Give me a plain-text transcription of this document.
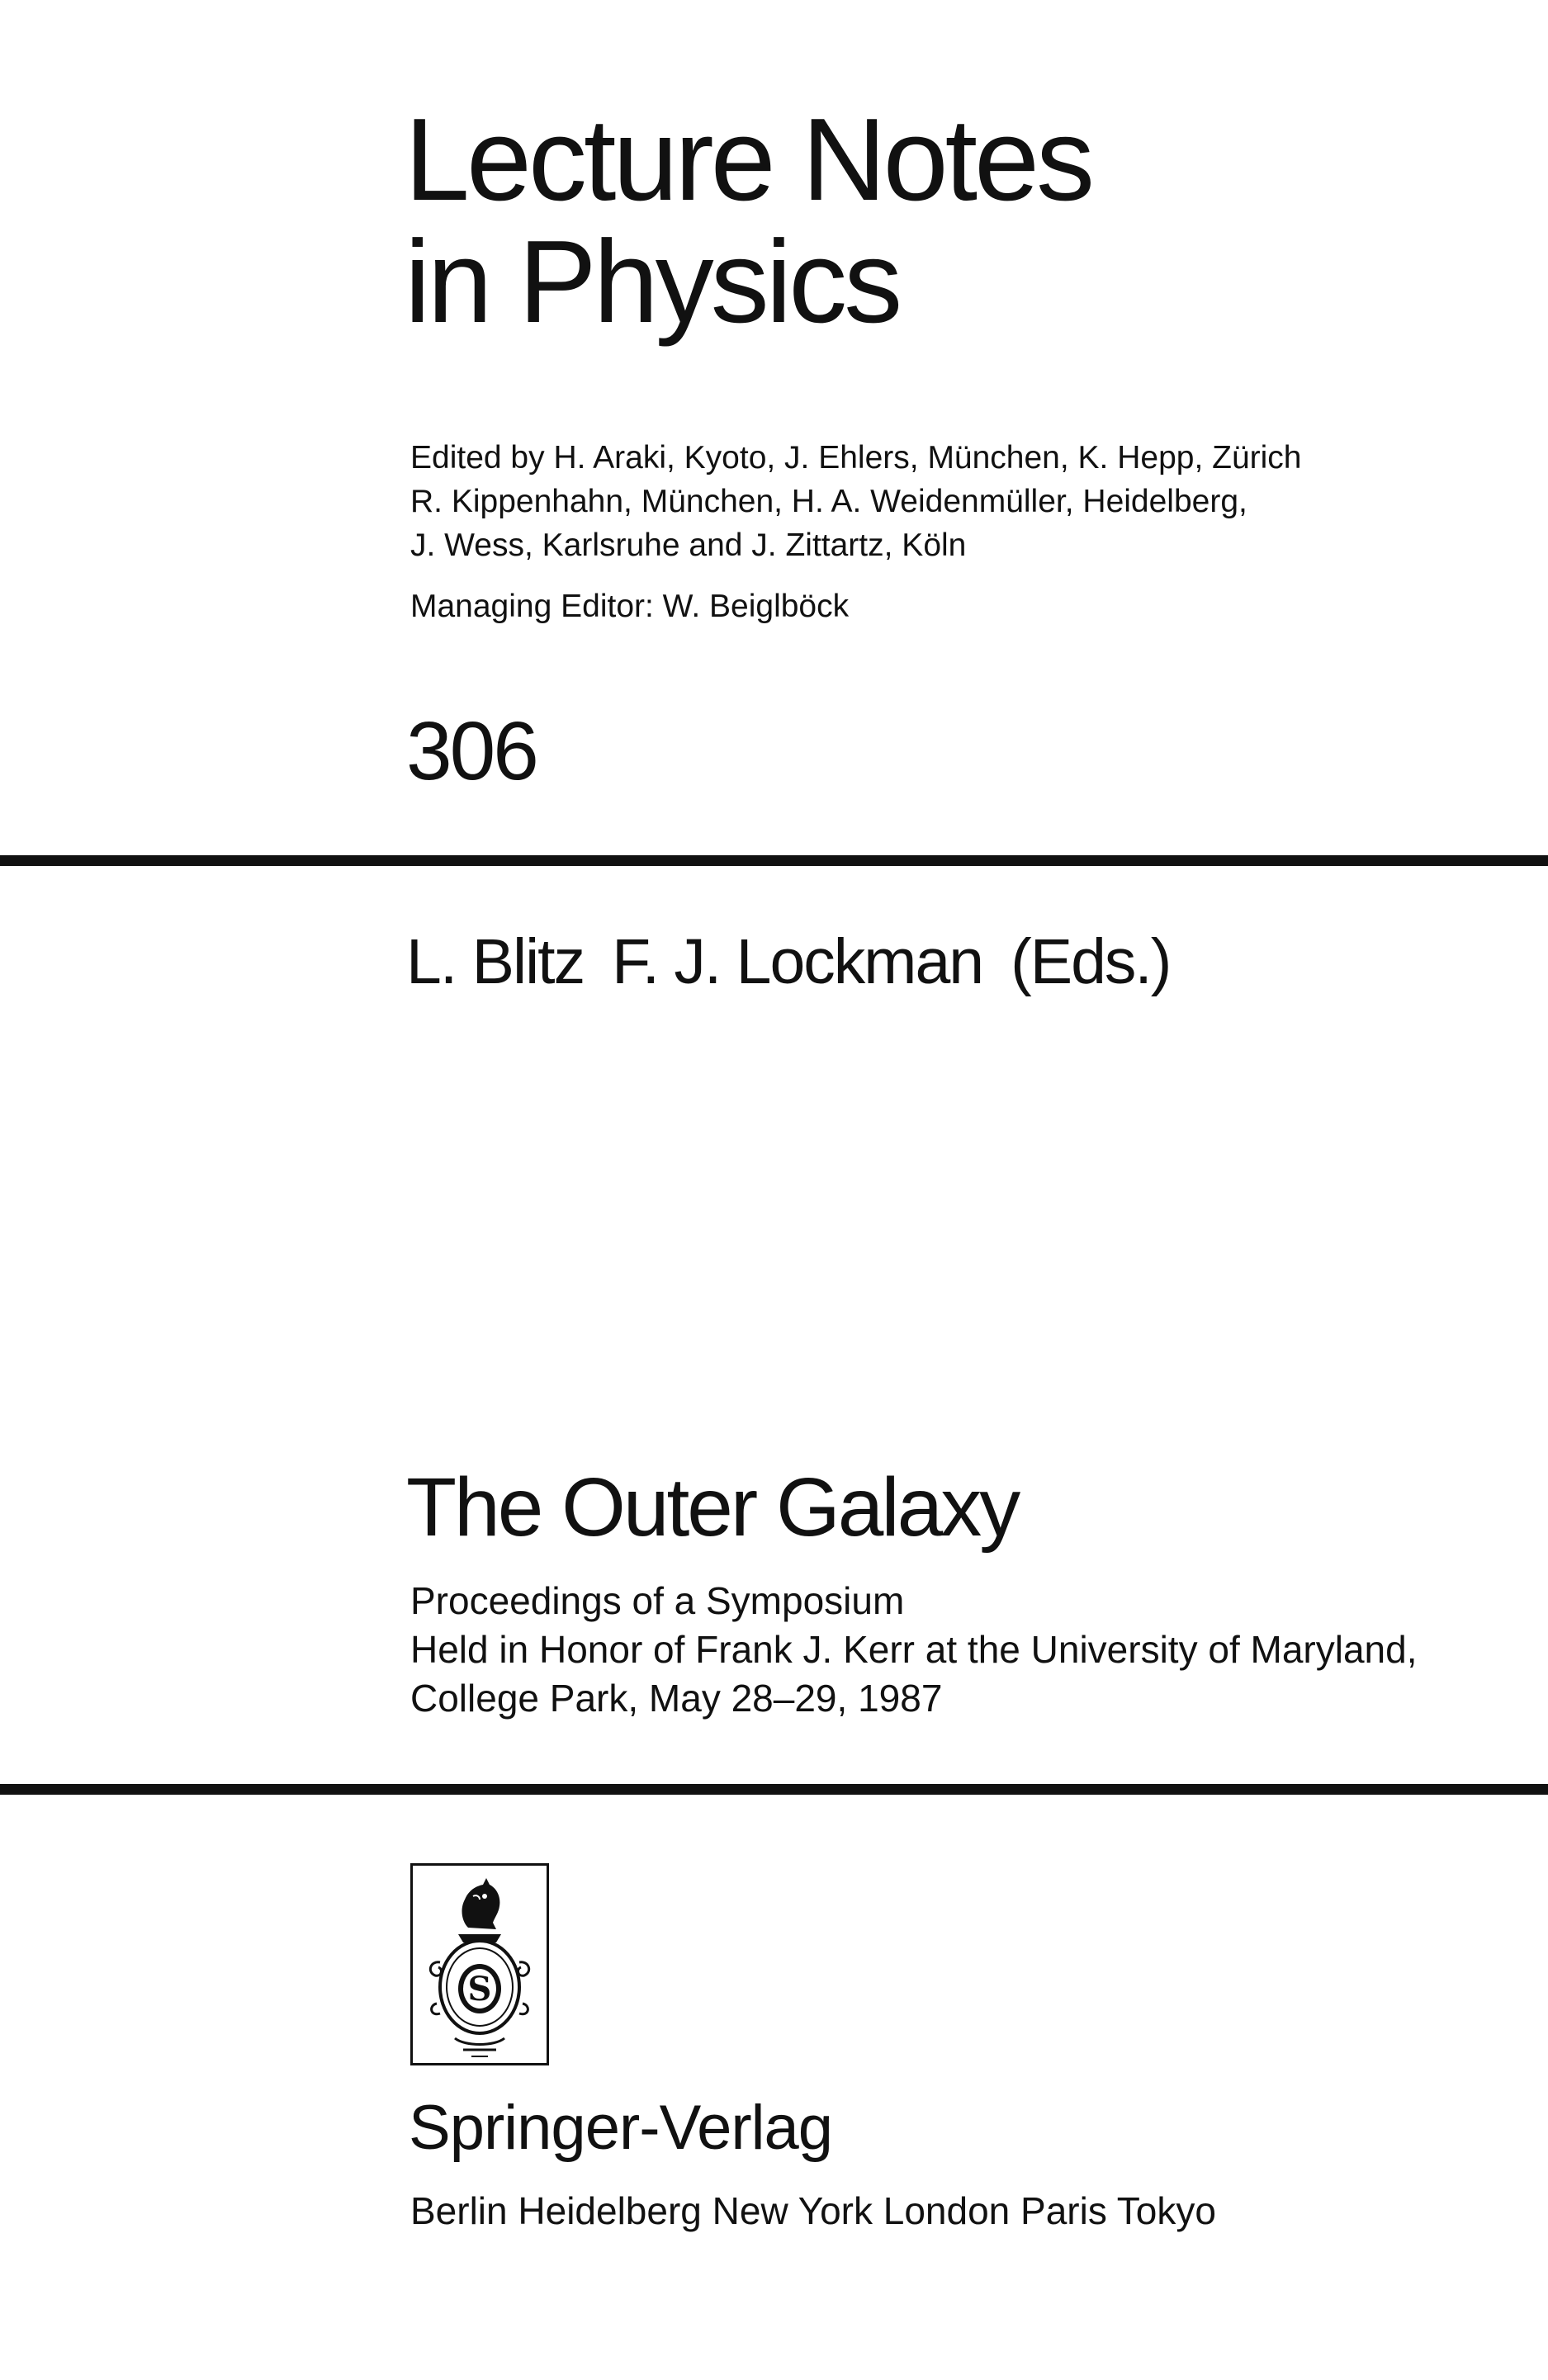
Lecture Notes
in Physics
Edited by H. Araki, Kyoto, J. Ehlers, München, K. Hepp, Zürich
R. Kippenhahn, München, H. A. Weidenmüller, Heidelberg,
J. Wess, Karlsruhe and J. Zittartz, Köln
Managing Editor: W. Beiglböck
306
L. Blitz F. J. Lockman (Eds.)
The Outer Galaxy
Proceedings of a Symposium
Held in Honor of Frank J. Kerr at the University of Maryland,
College Park, May 28–29, 1987
S
Springer-Verlag
Berlin Heidelberg New York London Paris Tokyo
